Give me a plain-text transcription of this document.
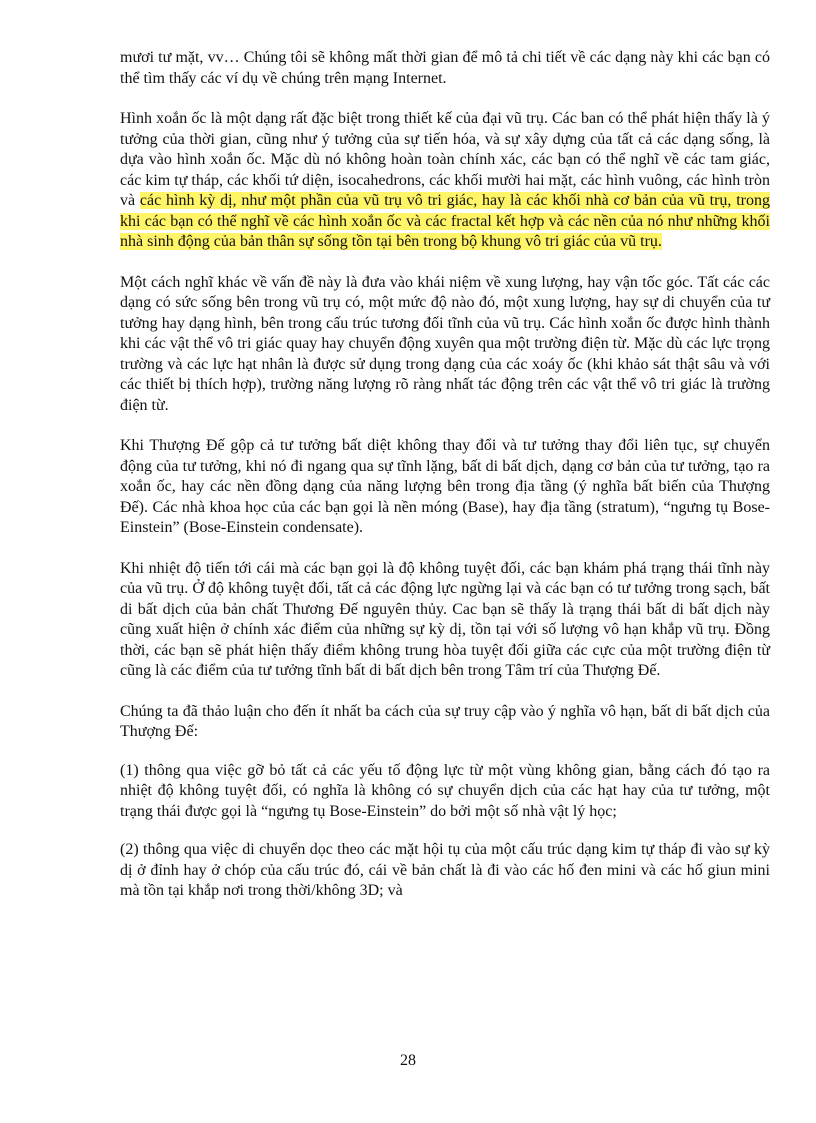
mươi tư mặt, vv… Chúng tôi sẽ không mất thời gian để mô tả chi tiết về các dạng này khi các bạn có thể tìm thấy các ví dụ về chúng trên mạng Internet.

Hình xoắn ốc là một dạng rất đặc biệt trong thiết kế của đại vũ trụ. Các ban có thể phát hiện thấy là ý tưởng của thời gian, cũng như ý tưởng của sự tiến hóa, và sự xây dựng của tất cả các dạng sống, là dựa vào hình xoắn ốc. Mặc dù nó không hoàn toàn chính xác, các bạn có thể nghĩ về các tam giác, các kim tự tháp, các khối tứ diện, isocahedrons, các khối mười hai mặt, các hình vuông, các hình tròn và các hình kỳ dị, như một phần của vũ trụ vô tri giác, hay là các khối nhà cơ bản của vũ trụ, trong khi các bạn có thể nghĩ về các hình xoắn ốc và các fractal kết hợp và các nền của nó như những khối nhà sinh động của bản thân sự sống tồn tại bên trong bộ khung vô tri giác của vũ trụ.

Một cách nghĩ khác về vấn đề này là đưa vào khái niệm về xung lượng, hay vận tốc góc. Tất các các dạng có sức sống bên trong vũ trụ có, một mức độ nào đó, một xung lượng, hay sự di chuyển của tư tưởng hay dạng hình, bên trong cấu trúc tương đối tĩnh của vũ trụ. Các hình xoắn ốc được hình thành khi các vật thể vô tri giác quay hay chuyển động xuyên qua một trường điện từ. Mặc dù các lực trọng trường và các lực hạt nhân là được sử dụng trong dạng của các xoáy ốc (khi khảo sát thật sâu và với các thiết bị thích hợp), trường năng lượng rõ ràng nhất tác động trên các vật thể vô tri giác là trường điện từ.

Khi Thượng Đế gộp cả tư tưởng bất diệt không thay đổi và tư tưởng thay đổi liên tục, sự chuyển động của tư tưởng, khi nó đi ngang qua sự tĩnh lặng, bất di bất dịch, dạng cơ bản của tư tưởng, tạo ra xoắn ốc, hay các nền đồng dạng của năng lượng bên trong địa tầng (ý nghĩa bất biến của Thượng Đế). Các nhà khoa học của các bạn gọi là nền móng (Base), hay địa tầng (stratum), “ngưng tụ Bose-Einstein” (Bose-Einstein condensate).

Khi nhiệt độ tiến tới cái mà các bạn gọi là độ không tuyệt đối, các bạn khám phá trạng thái tĩnh này của vũ trụ. Ở độ không tuyệt đối, tất cả các động lực ngừng lại và các bạn có tư tưởng trong sạch, bất di bất dịch của bản chất Thương Đế nguyên thủy. Cac bạn sẽ thấy là trạng thái bất di bất dịch này cũng xuất hiện ở chính xác điểm của những sự kỳ dị, tồn tại với số lượng vô hạn khắp vũ trụ. Đồng thời, các bạn sẽ phát hiện thấy điểm không trung hòa tuyệt đối giữa các cực của một trường điện từ cũng là các điểm của tư tưởng tĩnh bất di bất dịch bên trong Tâm trí của Thượng Đế.

Chúng ta đã thảo luận cho đến ít nhất ba cách của sự truy cập vào ý nghĩa vô hạn, bất di bất dịch của Thượng Đế:

(1) thông qua việc gỡ bỏ tất cả các yếu tố động lực từ một vùng không gian, bằng cách đó tạo ra nhiệt độ không tuyệt đối, có nghĩa là không có sự chuyển dịch của các hạt hay của tư tưởng, một trạng thái được gọi là “ngưng tụ Bose-Einstein” do bởi một số nhà vật lý học;

(2) thông qua việc di chuyển dọc theo các mặt hội tụ của một cấu trúc dạng kim tự tháp đi vào sự kỳ dị ở đỉnh hay ở chóp của cấu trúc đó, cái về bản chất là đi vào các hố đen mini và các hố giun mini mà tồn tại khắp nơi trong thời/không 3D; và

28
